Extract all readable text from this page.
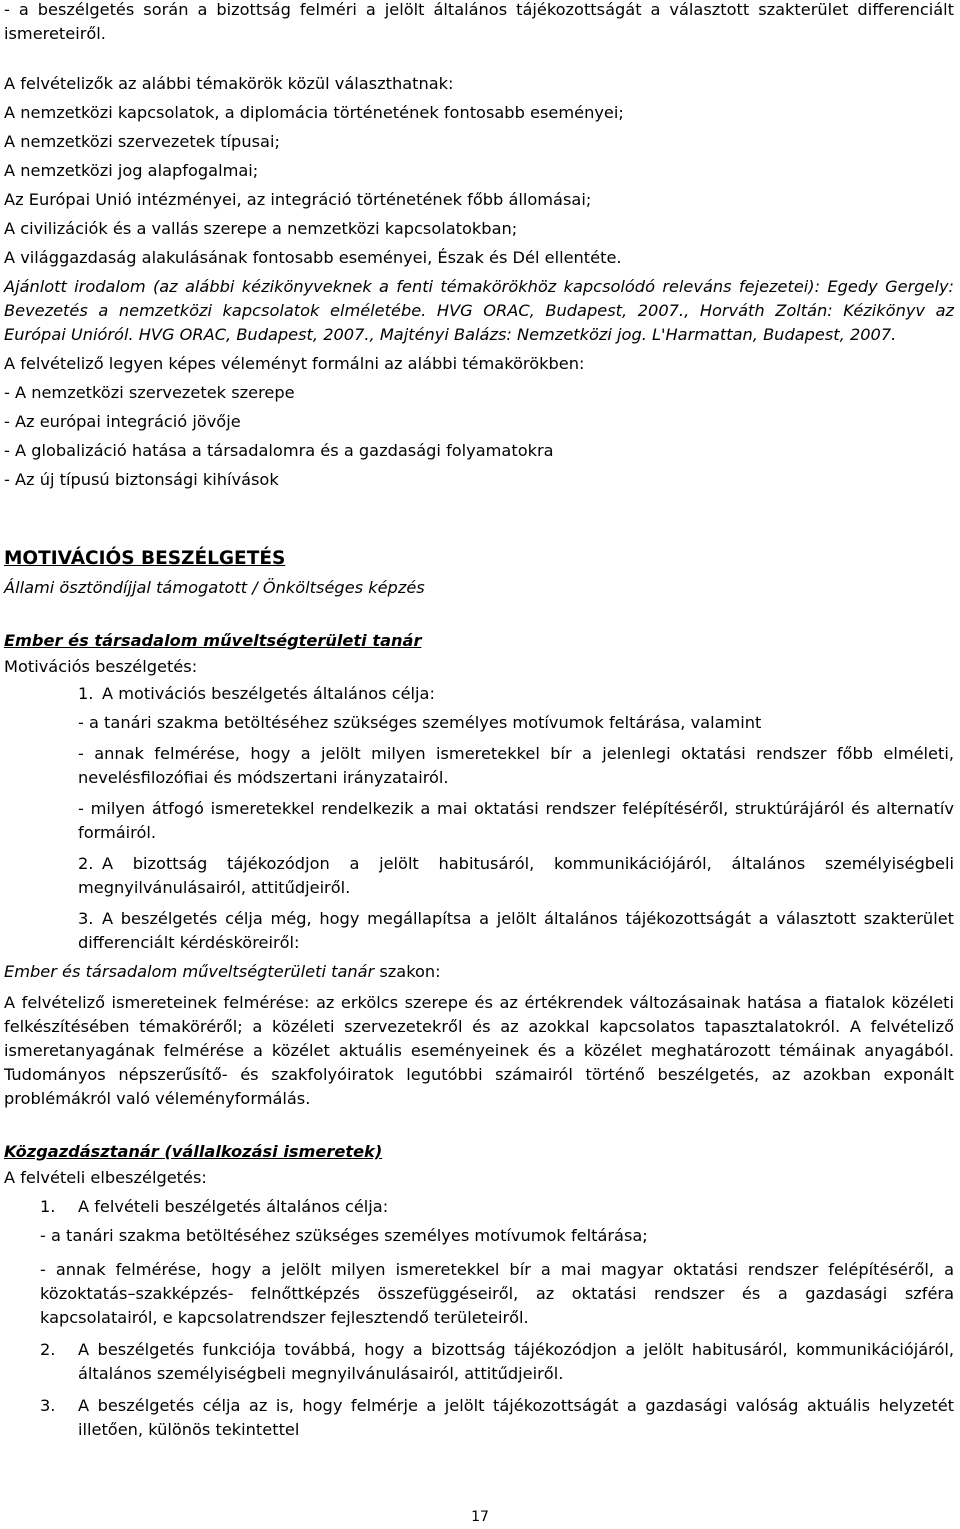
- a beszélgetés során a bizottság felméri a jelölt általános tájékozottságát a választott szakterület differenciált ismereteiről.

A felvételizők az alábbi témakörök közül választhatnak:

A nemzetközi kapcsolatok, a diplomácia történetének fontosabb eseményei;

A nemzetközi szervezetek típusai;

A nemzetközi jog alapfogalmai;

Az Európai Unió intézményei, az integráció történetének főbb állomásai;

A civilizációk és a vallás szerepe a nemzetközi kapcsolatokban;

A világgazdaság alakulásának fontosabb eseményei, Észak és Dél ellentéte.

Ajánlott irodalom (az alábbi kézikönyveknek a fenti témakörökhöz kapcsolódó releváns fejezetei): Egedy Gergely: Bevezetés a nemzetközi kapcsolatok elméletébe. HVG ORAC, Budapest, 2007., Horváth Zoltán: Kézikönyv az Európai Unióról. HVG ORAC, Budapest, 2007., Majtényi Balázs: Nemzetközi jog. L'Harmattan, Budapest, 2007.

A felvételiző legyen képes véleményt formálni az alábbi témakörökben:

- A nemzetközi szervezetek szerepe

- Az európai integráció jövője

- A globalizáció hatása a társadalomra és a gazdasági folyamatokra

- Az új típusú biztonsági kihívások

MOTIVÁCIÓS BESZÉLGETÉS

Állami ösztöndíjjal támogatott / Önköltséges képzés

Ember és társadalom műveltségterületi tanár

Motivációs beszélgetés:

1. A motivációs beszélgetés általános célja:

- a tanári szakma betöltéséhez szükséges személyes motívumok feltárása, valamint

- annak felmérése, hogy a jelölt milyen ismeretekkel bír a jelenlegi oktatási rendszer főbb elméleti, nevelésfilozófiai és módszertani irányzatairól.

- milyen átfogó ismeretekkel rendelkezik a mai oktatási rendszer felépítéséről, struktúrájáról és alternatív formáiról.

2. A bizottság tájékozódjon a jelölt habitusáról, kommunikációjáról, általános személyiségbeli megnyilvánulásairól, attitűdjeiről.

3. A beszélgetés célja még, hogy megállapítsa a jelölt általános tájékozottságát a választott szakterület differenciált kérdésköreiről:

Ember és társadalom műveltségterületi tanár szakon:

A felvételiző ismereteinek felmérése: az erkölcs szerepe és az értékrendek változásainak hatása a fiatalok közéleti felkészítésében témaköréről; a közéleti szervezetekről és az azokkal kapcsolatos tapasztalatokról. A felvételiző ismeretanyagának felmérése a közélet aktuális eseményeinek és a közélet meghatározott témáinak anyagából. Tudományos népszerűsítő- és szakfolyóiratok legutóbbi számairól történő beszélgetés, az azokban exponált problémákról való véleményformálás.

Közgazdásztanár (vállalkozási ismeretek)

A felvételi elbeszélgetés:

1. A felvételi beszélgetés általános célja:

- a tanári szakma betöltéséhez szükséges személyes motívumok feltárása;

- annak felmérése, hogy a jelölt milyen ismeretekkel bír a mai magyar oktatási rendszer felépítéséről, a közoktatás–szakképzés- felnőttképzés összefüggéseiről, az oktatási rendszer és a gazdasági szféra kapcsolatairól, e kapcsolatrendszer fejlesztendő területeiről.

2. A beszélgetés funkciója továbbá, hogy a bizottság tájékozódjon a jelölt habitusáról, kommunikációjáról, általános személyiségbeli megnyilvánulásairól, attitűdjeiről.

3. A beszélgetés célja az is, hogy felmérje a jelölt tájékozottságát a gazdasági valóság aktuális helyzetét illetően, különös tekintettel

17
